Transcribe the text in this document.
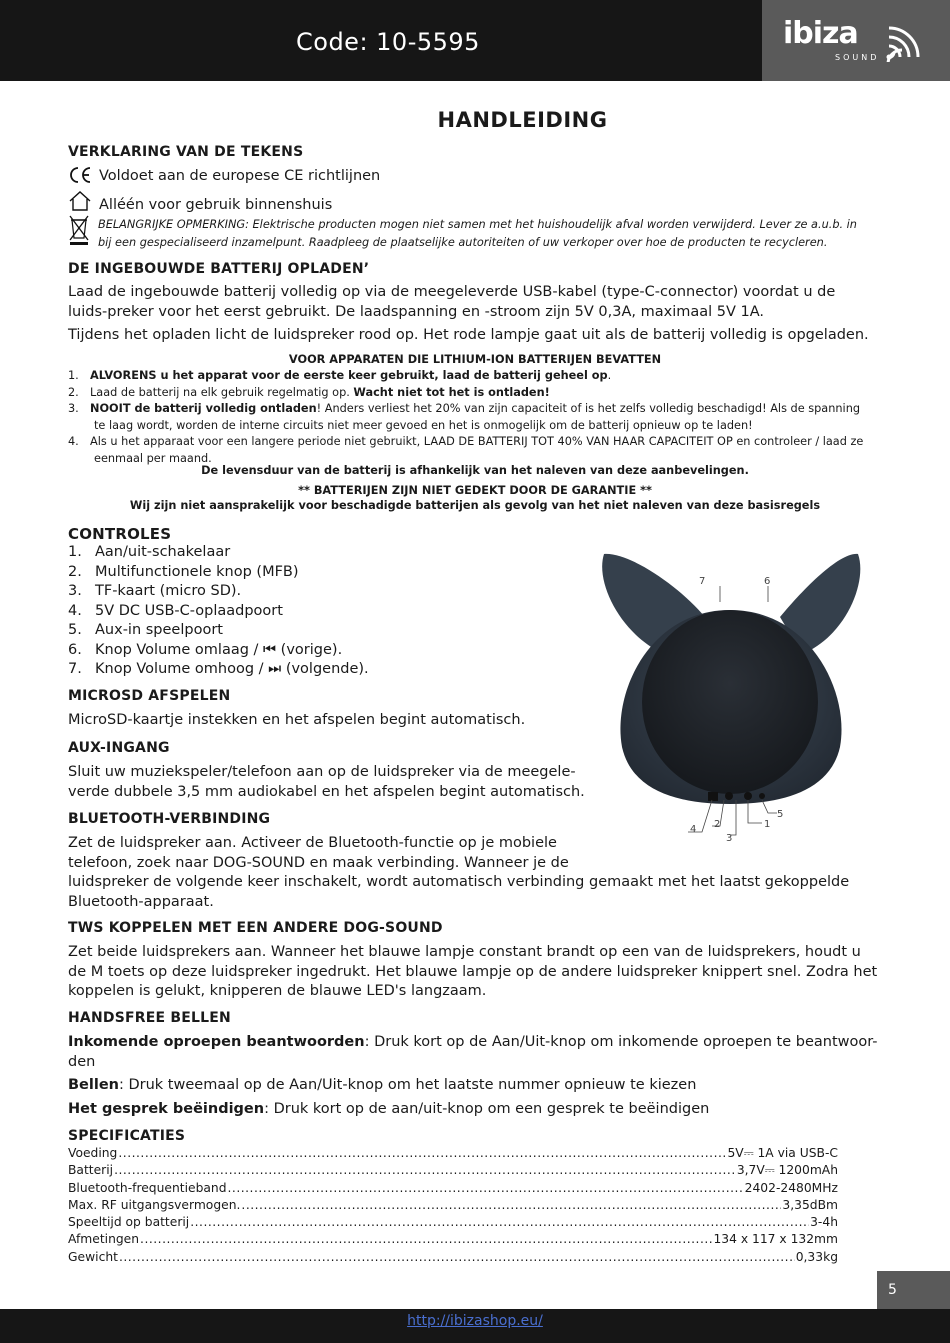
Code: 10-5595	ibiza
SOUND
HANDLEIDING
VERKLARING VAN DE TEKENS
Voldoet aan de europese CE richtlijnen
Alléén voor gebruik binnenshuis
BELANGRIJKE OPMERKING: Elektrische producten mogen niet samen met het huishoudelijk afval worden verwijderd. Lever ze a.u.b. in
bij een gespecialiseerd inzamelpunt. Raadpleeg de plaatselijke autoriteiten of uw verkoper over hoe de producten te recycleren.
DE INGEBOUWDE BATTERIJ OPLADEN’
Laad de ingebouwde batterij volledig op via de meegeleverde USB-kabel (type-C-connector) voordat u de luids-preker voor het eerst gebruikt. De laadspanning en -stroom zijn 5V 0,3A, maximaal 5V 1A.
Tijdens het opladen licht de luidspreker rood op. Het rode lampje gaat uit als de batterij volledig is opgeladen.
VOOR APPARATEN DIE LITHIUM-ION BATTERIJEN BEVATTEN
1. ALVORENS u het apparat voor de eerste keer gebruikt, laad de batterij geheel op.
2. Laad de batterij na elk gebruik regelmatig op. Wacht niet tot het is ontladen!
3. NOOIT de batterij volledig ontladen! Anders verliest het 20% van zijn capaciteit of is het zelfs volledig beschadigd! Als de spanning
te laag wordt, worden de interne circuits niet meer gevoed en het is onmogelijk om de batterij opnieuw op te laden!
4. Als u het apparaat voor een langere periode niet gebruikt, LAAD DE BATTERIJ TOT 40% VAN HAAR CAPACITEIT OP en controleer / laad ze
eenmaal per maand.
De levensduur van de batterij is afhankelijk van het naleven van deze aanbevelingen.
** BATTERIJEN ZIJN NIET GEDEKT DOOR DE GARANTIE **
Wij zijn niet aansprakelijk voor beschadigde batterijen als gevolg van het niet naleven van deze basisregels
CONTROLES
1. Aan/uit-schakelaar
2. Multifunctionele knop (MFB)
3. TF-kaart (micro SD).
4. 5V DC USB-C-oplaadpoort
5. Aux-in speelpoort
6. Knop Volume omlaag / ⏮ (vorige).
7. Knop Volume omhoog / ⏭ (volgende).
7	6
4 2
3
1
5
MICROSD AFSPELEN
MicroSD-kaartje instekken en het afspelen begint automatisch.
AUX-INGANG
Sluit uw muziekspeler/telefoon aan op de luidspreker via de meegele-
verde dubbele 3,5 mm audiokabel en het afspelen begint automatisch.
BLUETOOTH-VERBINDING
Zet de luidspreker aan. Activeer de Bluetooth-functie op je mobiele
telefoon, zoek naar DOG-SOUND en maak verbinding. Wanneer je de
luidspreker de volgende keer inschakelt, wordt automatisch verbinding gemaakt met het laatst gekoppelde
Bluetooth-apparaat.
TWS KOPPELEN MET EEN ANDERE DOG-SOUND
Zet beide luidsprekers aan. Wanneer het blauwe lampje constant brandt op een van de luidsprekers, houdt u de M toets op deze luidspreker ingedrukt. Het blauwe lampje op de andere luidspreker knippert snel. Zodra het koppelen is gelukt, knipperen de blauwe LED's langzaam.
HANDSFREE BELLEN
Inkomende oproepen beantwoorden: Druk kort op de Aan/Uit-knop om inkomende oproepen te beantwoor-den
Bellen: Druk tweemaal op de Aan/Uit-knop om het laatste nummer opnieuw te kiezen
Het gesprek beëindigen: Druk kort op de aan/uit-knop om een gesprek te beëindigen
SPECIFICATIES
Voeding .....	5V⎓ 1A via USB-C
Batterij .....	3,7V⎓ 1200mAh
Bluetooth-frequentieband .....	2402-2480MHz
Max. RF uitgangsvermogen. .....	3,35dBm
Speeltijd op batterij .....	3-4h
Afmetingen .....	134 x 117 x 132mm
Gewicht .....	0,33kg
5
http://ibizashop.eu/
